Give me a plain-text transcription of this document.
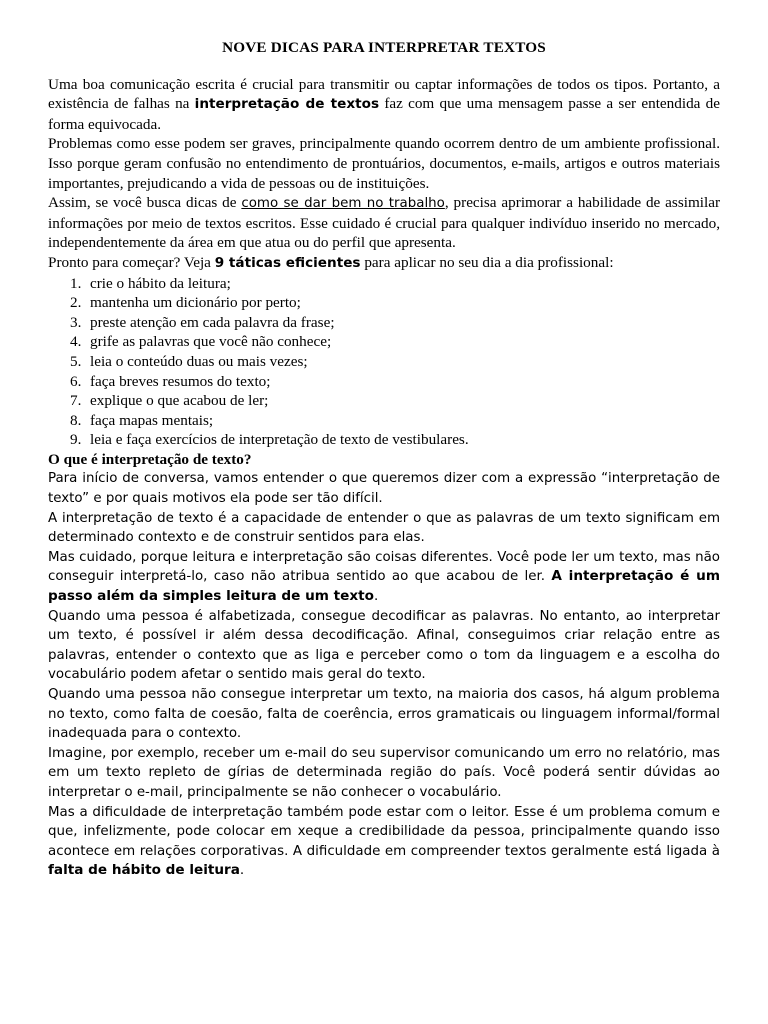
NOVE DICAS PARA INTERPRETAR TEXTOS

Uma boa comunicação escrita é crucial para transmitir ou captar informações de todos os tipos. Portanto, a existência de falhas na interpretação de textos faz com que uma mensagem passe a ser entendida de forma equivocada.

Problemas como esse podem ser graves, principalmente quando ocorrem dentro de um ambiente profissional. Isso porque geram confusão no entendimento de prontuários, documentos, e-mails, artigos e outros materiais importantes, prejudicando a vida de pessoas ou de instituições.

Assim, se você busca dicas de como se dar bem no trabalho, precisa aprimorar a habilidade de assimilar informações por meio de textos escritos. Esse cuidado é crucial para qualquer indivíduo inserido no mercado, independentemente da área em que atua ou do perfil que apresenta.

Pronto para começar? Veja 9 táticas eficientes para aplicar no seu dia a dia profissional:

1. crie o hábito da leitura;
2. mantenha um dicionário por perto;
3. preste atenção em cada palavra da frase;
4. grife as palavras que você não conhece;
5. leia o conteúdo duas ou mais vezes;
6. faça breves resumos do texto;
7. explique o que acabou de ler;
8. faça mapas mentais;
9. leia e faça exercícios de interpretação de texto de vestibulares.
O que é interpretação de texto?

Para início de conversa, vamos entender o que queremos dizer com a expressão “interpretação de texto” e por quais motivos ela pode ser tão difícil.

A interpretação de texto é a capacidade de entender o que as palavras de um texto significam em determinado contexto e de construir sentidos para elas.

Mas cuidado, porque leitura e interpretação são coisas diferentes. Você pode ler um texto, mas não conseguir interpretá-lo, caso não atribua sentido ao que acabou de ler. A interpretação é um passo além da simples leitura de um texto.

Quando uma pessoa é alfabetizada, consegue decodificar as palavras. No entanto, ao interpretar um texto, é possível ir além dessa decodificação. Afinal, conseguimos criar relação entre as palavras, entender o contexto que as liga e perceber como o tom da linguagem e a escolha do vocabulário podem afetar o sentido mais geral do texto.

Quando uma pessoa não consegue interpretar um texto, na maioria dos casos, há algum problema no texto, como falta de coesão, falta de coerência, erros gramaticais ou linguagem informal/formal inadequada para o contexto.

Imagine, por exemplo, receber um e-mail do seu supervisor comunicando um erro no relatório, mas em um texto repleto de gírias de determinada região do país. Você poderá sentir dúvidas ao interpretar o e-mail, principalmente se não conhecer o vocabulário.

Mas a dificuldade de interpretação também pode estar com o leitor. Esse é um problema comum e que, infelizmente, pode colocar em xeque a credibilidade da pessoa, principalmente quando isso acontece em relações corporativas. A dificuldade em compreender textos geralmente está ligada à falta de hábito de leitura.
